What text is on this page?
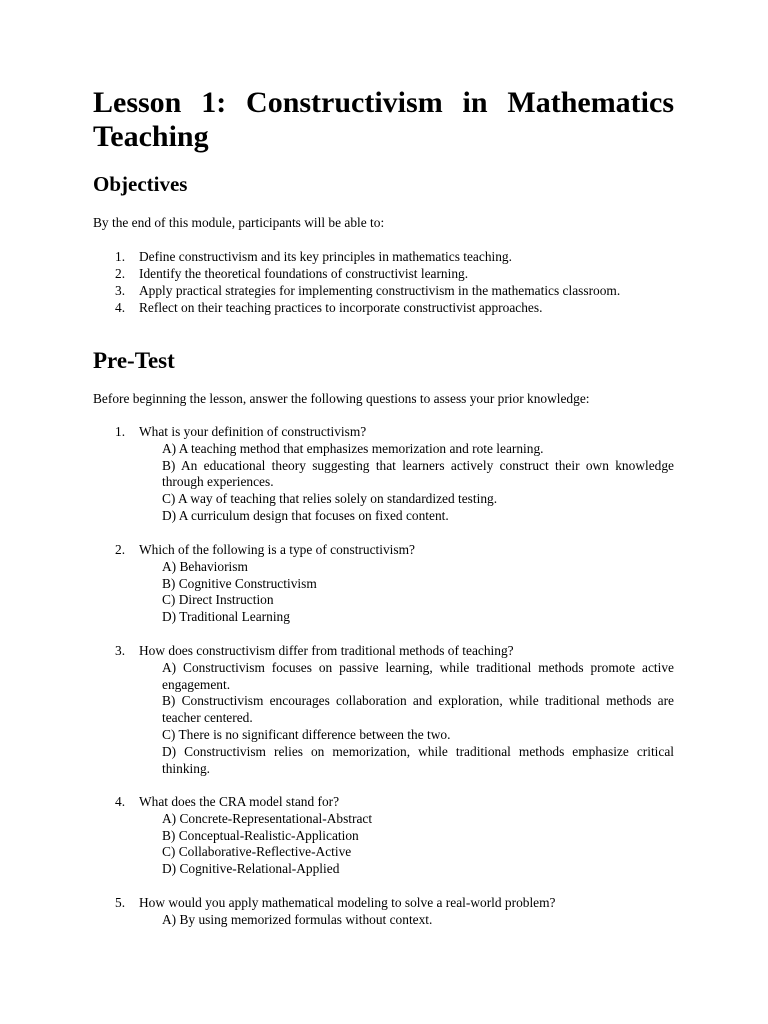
Lesson 1: Constructivism in Mathematics Teaching
Objectives

By the end of this module, participants will be able to:

1.	Define constructivism and its key principles in mathematics teaching.
2.	Identify the theoretical foundations of constructivist learning.
3.	Apply practical strategies for implementing constructivism in the mathematics classroom.
4.	Reflect on their teaching practices to incorporate constructivist approaches.
Pre-Test

Before beginning the lesson, answer the following questions to assess your prior knowledge:

1.	What is your definition of constructivism?
A) A teaching method that emphasizes memorization and rote learning.
B) An educational theory suggesting that learners actively construct their own knowledge through experiences.
C) A way of teaching that relies solely on standardized testing.
D) A curriculum design that focuses on fixed content.
2.	Which of the following is a type of constructivism?
A) Behaviorism
B) Cognitive Constructivism
C) Direct Instruction
D) Traditional Learning
3.	How does constructivism differ from traditional methods of teaching?
A) Constructivism focuses on passive learning, while traditional methods promote active engagement.
B) Constructivism encourages collaboration and exploration, while traditional methods are teacher centered.
C) There is no significant difference between the two.
D) Constructivism relies on memorization, while traditional methods emphasize critical thinking.
4.	What does the CRA model stand for?
A) Concrete-Representational-Abstract
B) Conceptual-Realistic-Application
C) Collaborative-Reflective-Active
D) Cognitive-Relational-Applied
5.	How would you apply mathematical modeling to solve a real-world problem?
A) By using memorized formulas without context.
